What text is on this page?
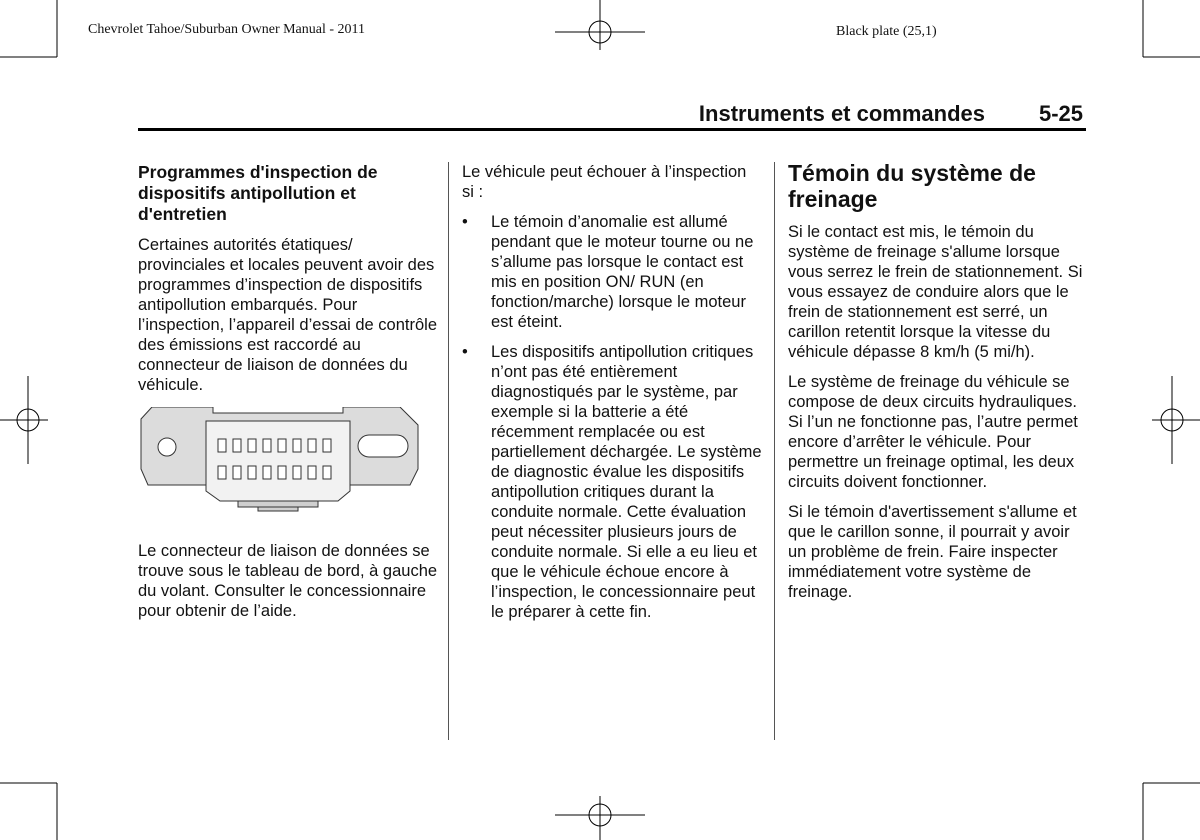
Chevrolet Tahoe/Suburban Owner Manual - 2011	Black plate (25,1)
Instruments et commandes 5-25
Programmes d'inspection de dispositifs antipollution et d'entretien

Certaines autorités étatiques/ provinciales et locales peuvent avoir des programmes d’inspection de dispositifs antipollution embarqués. Pour l’inspection, l’appareil d’essai de contrôle des émissions est raccordé au connecteur de liaison de données du véhicule.

Le connecteur de liaison de données se trouve sous le tableau de bord, à gauche du volant. Consulter le concessionnaire pour obtenir de l’aide.

Le véhicule peut échouer à l’inspection si :

• Le témoin d’anomalie est allumé pendant que le moteur tourne ou ne s’allume pas lorsque le contact est mis en position ON/ RUN (en fonction/marche) lorsque le moteur est éteint.
• Les dispositifs antipollution critiques n’ont pas été entièrement diagnostiqués par le système, par exemple si la batterie a été récemment remplacée ou est partiellement déchargée. Le système de diagnostic évalue les dispositifs antipollution critiques durant la conduite normale. Cette évaluation peut nécessiter plusieurs jours de conduite normale. Si elle a eu lieu et que le véhicule échoue encore à l’inspection, le concessionnaire peut le préparer à cette fin.
Témoin du système de freinage

Si le contact est mis, le témoin du système de freinage s'allume lorsque vous serrez le frein de stationnement. Si vous essayez de conduire alors que le frein de stationnement est serré, un carillon retentit lorsque la vitesse du véhicule dépasse 8 km/h (5 mi/h).

Le système de freinage du véhicule se compose de deux circuits hydrauliques. Si l’un ne fonctionne pas, l’autre permet encore d’arrêter le véhicule. Pour permettre un freinage optimal, les deux circuits doivent fonctionner.

Si le témoin d'avertissement s'allume et que le carillon sonne, il pourrait y avoir un problème de frein. Faire inspecter immédiatement votre système de freinage.
